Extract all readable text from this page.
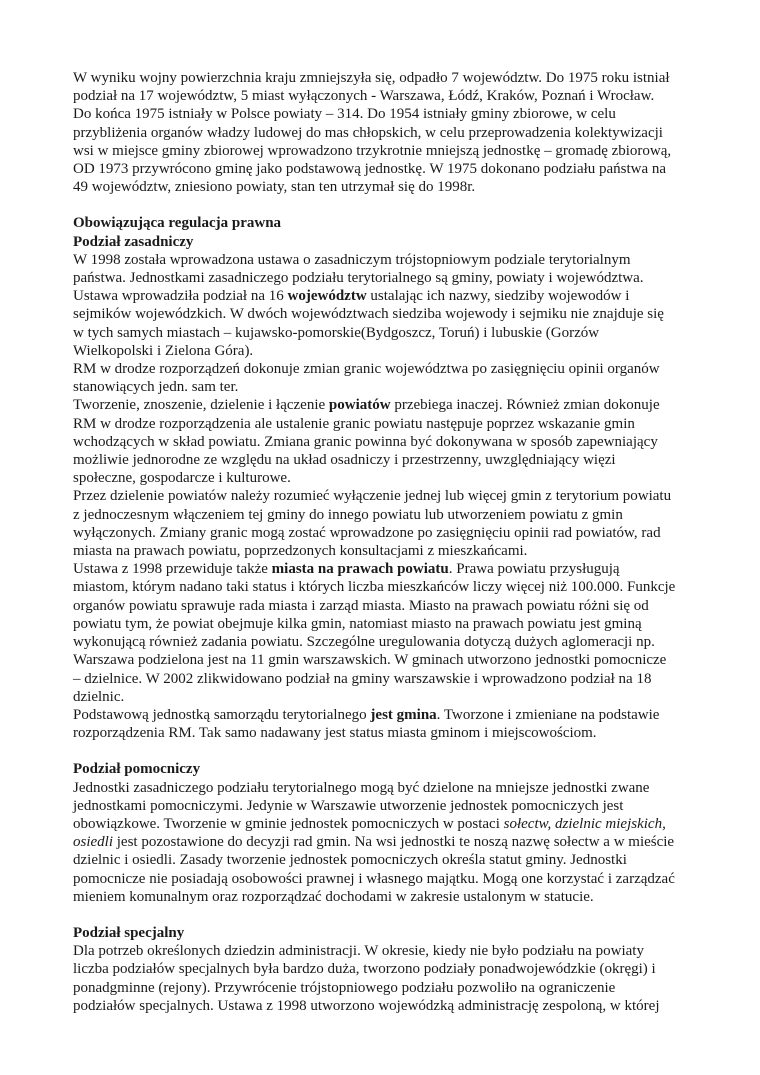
W wyniku wojny powierzchnia kraju zmniejszyła się, odpadło 7 województw. Do 1975 roku istniał
podział na 17 województw, 5 miast wyłączonych - Warszawa, Łódź, Kraków, Poznań i Wrocław.
Do końca 1975 istniały w Polsce powiaty – 314. Do 1954 istniały gminy zbiorowe, w celu
przybliżenia organów władzy ludowej do mas chłopskich, w celu przeprowadzenia kolektywizacji
wsi w miejsce gminy zbiorowej wprowadzono trzykrotnie mniejszą jednostkę – gromadę zbiorową,
OD 1973 przywrócono gminę jako podstawową jednostkę. W 1975 dokonano podziału państwa na
49 województw, zniesiono powiaty, stan ten utrzymał się do 1998r.

Obowiązująca regulacja prawna

Podział zasadniczy

W 1998 została wprowadzona ustawa o zasadniczym trójstopniowym podziale terytorialnym
państwa. Jednostkami zasadniczego podziału terytorialnego są gminy, powiaty i województwa.
Ustawa wprowadziła podział na 16 województw ustalając ich nazwy, siedziby wojewodów i
sejmików wojewódzkich. W dwóch województwach siedziba wojewody i sejmiku nie znajduje się
w tych samych miastach – kujawsko-pomorskie(Bydgoszcz, Toruń) i lubuskie (Gorzów
Wielkopolski i Zielona Góra).

RM w drodze rozporządzeń dokonuje zmian granic województwa po zasięgnięciu opinii organów
stanowiących jedn. sam ter.

Tworzenie, znoszenie, dzielenie i łączenie powiatów przebiega inaczej. Również zmian dokonuje
RM w drodze rozporządzenia ale ustalenie granic powiatu następuje poprzez wskazanie gmin
wchodzących w skład powiatu. Zmiana granic powinna być dokonywana w sposób zapewniający
możliwie jednorodne ze względu na układ osadniczy i przestrzenny, uwzględniający więzi
społeczne, gospodarcze i kulturowe.

Przez dzielenie powiatów należy rozumieć wyłączenie jednej lub więcej gmin z terytorium powiatu
z jednoczesnym włączeniem tej gminy do innego powiatu lub utworzeniem powiatu z gmin
wyłączonych. Zmiany granic mogą zostać wprowadzone po zasięgnięciu opinii rad powiatów, rad
miasta na prawach powiatu, poprzedzonych konsultacjami z mieszkańcami.

Ustawa z 1998 przewiduje także miasta na prawach powiatu. Prawa powiatu przysługują
miastom, którym nadano taki status i których liczba mieszkańców liczy więcej niż 100.000. Funkcje
organów powiatu sprawuje rada miasta i zarząd miasta. Miasto na prawach powiatu różni się od
powiatu tym, że powiat obejmuje kilka gmin, natomiast miasto na prawach powiatu jest gminą
wykonującą również zadania powiatu. Szczególne uregulowania dotyczą dużych aglomeracji np.
Warszawa podzielona jest na 11 gmin warszawskich. W gminach utworzono jednostki pomocnicze
– dzielnice. W 2002 zlikwidowano podział na gminy warszawskie i wprowadzono podział na 18
dzielnic.

Podstawową jednostką samorządu terytorialnego jest gmina. Tworzone i zmieniane na podstawie
rozporządzenia RM. Tak samo nadawany jest status miasta gminom i miejscowościom.

Podział pomocniczy

Jednostki zasadniczego podziału terytorialnego mogą być dzielone na mniejsze jednostki zwane
jednostkami pomocniczymi. Jedynie w Warszawie utworzenie jednostek pomocniczych jest
obowiązkowe. Tworzenie w gminie jednostek pomocniczych w postaci sołectw, dzielnic miejskich,
osiedli jest pozostawione do decyzji rad gmin. Na wsi jednostki te noszą nazwę sołectw a w mieście
dzielnic i osiedli. Zasady tworzenie jednostek pomocniczych określa statut gminy. Jednostki
pomocnicze nie posiadają osobowości prawnej i własnego majątku. Mogą one korzystać i zarządzać
mieniem komunalnym oraz rozporządzać dochodami w zakresie ustalonym w statucie.

Podział specjalny

Dla potrzeb określonych dziedzin administracji. W okresie, kiedy nie było podziału na powiaty
liczba podziałów specjalnych była bardzo duża, tworzono podziały ponadwojewódzkie (okręgi) i
ponadgminne (rejony). Przywrócenie trójstopniowego podziału pozwoliło na ograniczenie
podziałów specjalnych. Ustawa z 1998 utworzono wojewódzką administrację zespoloną, w której
